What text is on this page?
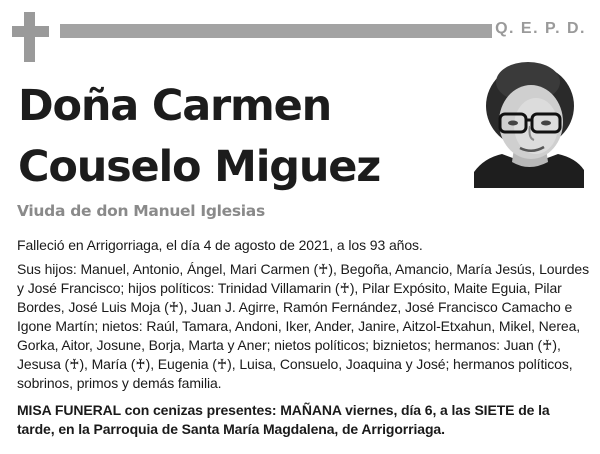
Q. E. P. D.
Doña Carmen
Couselo Miguez
Viuda de don Manuel Iglesias
Falleció en Arrigorriaga, el día 4 de agosto de 2021, a los 93 años.
Sus hijos: Manuel, Antonio, Ángel, Mari Carmen (♰), Begoña, Amancio, María Jesús, Lourdes y José Francisco; hijos políticos: Trinidad Villamarin (♰), Pilar Expósito, Maite Eguia, Pilar Bordes, José Luis Moja (♰), Juan J. Agirre, Ramón Fernández, José Francisco Camacho e Igone Martín; nietos: Raúl, Tamara, Andoni, Iker, Ander, Janire, Aitzol-Etxahun, Mikel, Nerea, Gorka, Aitor, Josune, Borja, Marta y Aner; nietos políticos; biznietos; hermanos: Juan (♰), Jesusa (♰), María (♰), Eugenia (♰), Luisa, Consuelo, Joaquina y José; hermanos políticos, sobrinos, primos y demás familia.
MISA FUNERAL con cenizas presentes: MAÑANA viernes, día 6, a las SIETE de la tarde, en la Parroquia de Santa María Magdalena, de Arrigorriaga.
